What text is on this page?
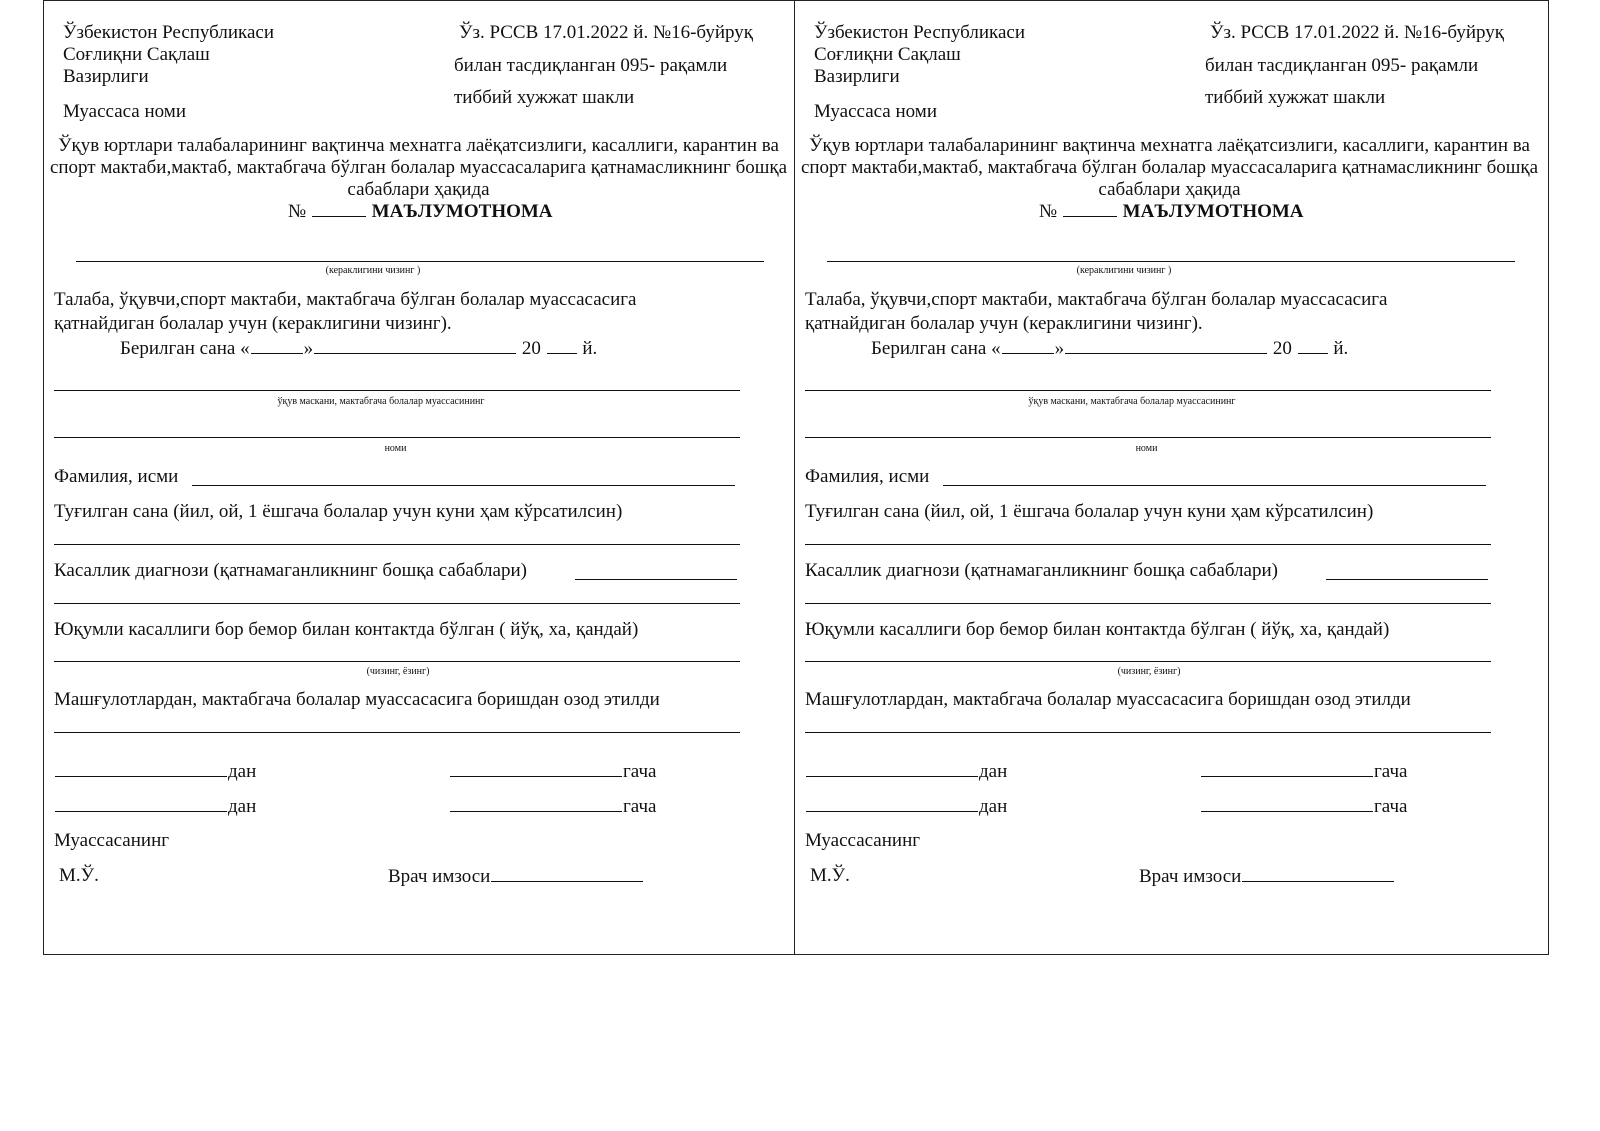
Ўзбекистон Республикаси
Соғлиқни Сақлаш
Вазирлиги
Муассаса номи
Ўз. РССВ 17.01.2022 й. №16-буйруқ
билан тасдиқланган 095- рақамли
тиббий хужжат шакли
Ўқув юртлари талабаларининг вақтинча мехнатга лаёқатсизлиги, касаллиги, карантин ва
спорт мактаби,мактаб, мактабгача бўлган болалар муассасаларига қатнамасликнинг бошқа
сабаблари ҳақида
№	МАЪЛУМОТНОМА
(кераклигини чизинг )
Талаба, ўқувчи,спорт мактаби, мактабгача бўлган болалар муассасасига
қатнайдиган болалар учун (кераклигини чизинг).
Берилган сана «	»	20 й.
ўқув маскани, мактабгача болалар муассасининг
номи
Фамилия, исми
Туғилган сана (йил, ой, 1 ёшгача болалар учун куни ҳам кўрсатилсин)
Касаллик диагнози (қатнамаганликнинг бошқа сабаблари)
Юқумли касаллиги бор бемор билан контактда бўлган ( йўқ, ха, қандай)
(чизинг, ёзинг)
Машғулотлардан, мактабгача болалар муассасасига боришдан озод этилди
дан	гача
дан	гача
Муассасанинг
М.Ў.	Врач имзоси
Ўзбекистон Республикаси
Соғлиқни Сақлаш
Вазирлиги
Муассаса номи
Ўз. РССВ 17.01.2022 й. №16-буйруқ
билан тасдиқланган 095- рақамли
тиббий хужжат шакли
Ўқув юртлари талабаларининг вақтинча мехнатга лаёқатсизлиги, касаллиги, карантин ва
спорт мактаби,мактаб, мактабгача бўлган болалар муассасаларига қатнамасликнинг бошқа
сабаблари ҳақида
№	МАЪЛУМОТНОМА
(кераклигини чизинг )
Талаба, ўқувчи,спорт мактаби, мактабгача бўлган болалар муассасасига
қатнайдиган болалар учун (кераклигини чизинг).
Берилган сана «	»	20 й.
ўқув маскани, мактабгача болалар муассасининг
номи
Фамилия, исми
Туғилган сана (йил, ой, 1 ёшгача болалар учун куни ҳам кўрсатилсин)
Касаллик диагнози (қатнамаганликнинг бошқа сабаблари)
Юқумли касаллиги бор бемор билан контактда бўлган ( йўқ, ха, қандай)
(чизинг, ёзинг)
Машғулотлардан, мактабгача болалар муассасасига боришдан озод этилди
дан	гача
дан	гача
Муассасанинг
М.Ў.	Врач имзоси
